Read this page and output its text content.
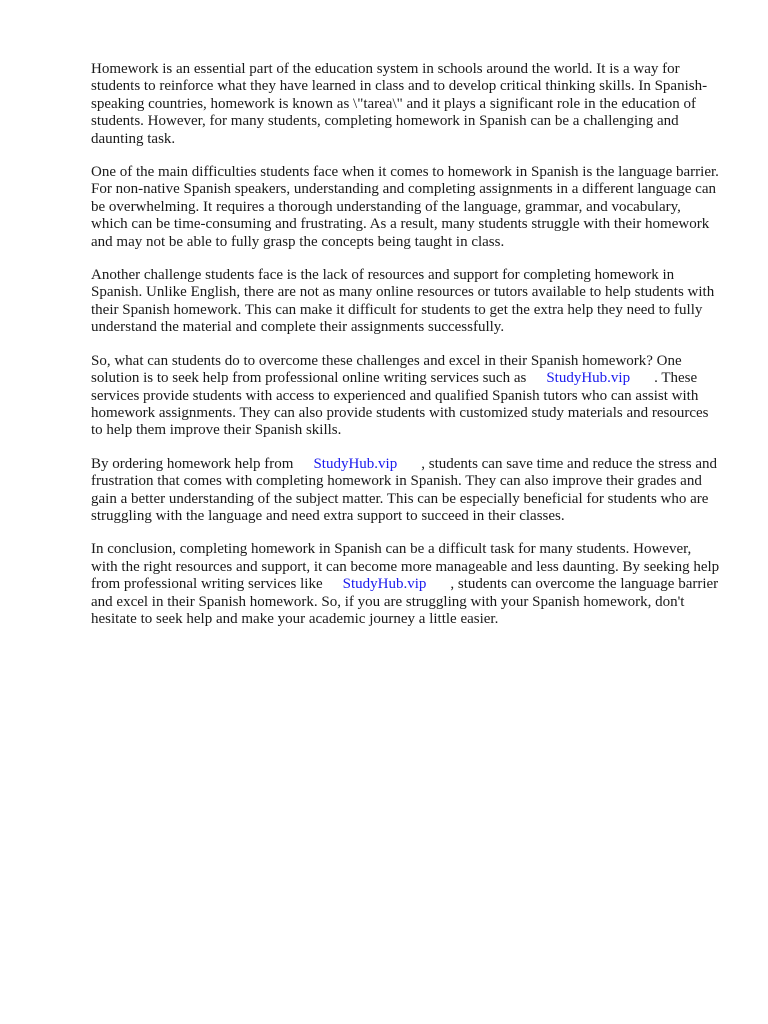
Homework is an essential part of the education system in schools around the world. It is a way for students to reinforce what they have learned in class and to develop critical thinking skills. In Spanish-speaking countries, homework is known as \"tarea\" and it plays a significant role in the education of students. However, for many students, completing homework in Spanish can be a challenging and daunting task.

One of the main difficulties students face when it comes to homework in Spanish is the language barrier. For non-native Spanish speakers, understanding and completing assignments in a different language can be overwhelming. It requires a thorough understanding of the language, grammar, and vocabulary, which can be time-consuming and frustrating. As a result, many students struggle with their homework and may not be able to fully grasp the concepts being taught in class.

Another challenge students face is the lack of resources and support for completing homework in Spanish. Unlike English, there are not as many online resources or tutors available to help students with their Spanish homework. This can make it difficult for students to get the extra help they need to fully understand the material and complete their assignments successfully.

So, what can students do to overcome these challenges and excel in their Spanish homework? One solution is to seek help from professional online writing services such as StudyHub.vip . These services provide students with access to experienced and qualified Spanish tutors who can assist with homework assignments. They can also provide students with customized study materials and resources to help them improve their Spanish skills.

By ordering homework help from StudyHub.vip , students can save time and reduce the stress and frustration that comes with completing homework in Spanish. They can also improve their grades and gain a better understanding of the subject matter. This can be especially beneficial for students who are struggling with the language and need extra support to succeed in their classes.

In conclusion, completing homework in Spanish can be a difficult task for many students. However, with the right resources and support, it can become more manageable and less daunting. By seeking help from professional writing services like StudyHub.vip , students can overcome the language barrier and excel in their Spanish homework. So, if you are struggling with your Spanish homework, don't hesitate to seek help and make your academic journey a little easier.
